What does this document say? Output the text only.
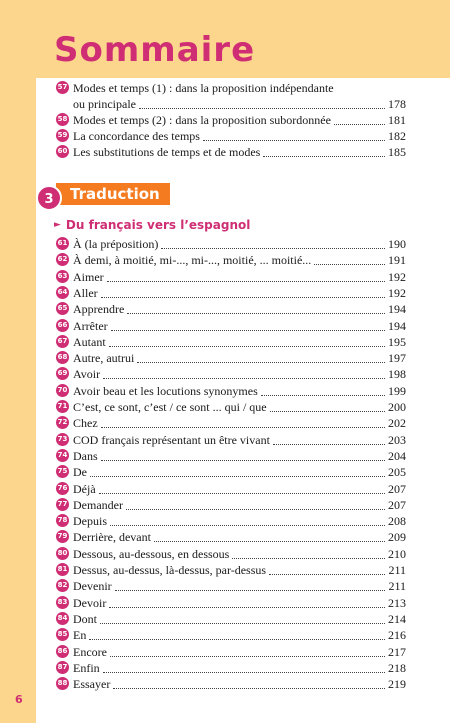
Sommaire
57 Modes et temps (1) : dans la proposition indépendante
ou principale	178
58 Modes et temps (2) : dans la proposition subordonnée	181
59 La concordance des temps	182
60 Les substitutions de temps et de modes	185
3	Traduction
► Du français vers l’espagnol
61 À (la préposition)	190
62 À demi, à moitié, mi-..., mi-..., moitié, ... moitié...	191
63 Aimer	192
64 Aller	192
65 Apprendre	194
66 Arrêter	194
67 Autant	195
68 Autre, autrui	197
69 Avoir	198
70 Avoir beau et les locutions synonymes	199
71 C’est, ce sont, c’est / ce sont ... qui / que	200
72 Chez	202
73 COD français représentant un être vivant	203
74 Dans	204
75 De	205
76 Déjà	207
77 Demander	207
78 Depuis	208
79 Derrière, devant	209
80 Dessous, au-dessous, en dessous	210
81 Dessus, au-dessus, là-dessus, par-dessus	211
82 Devenir	211
83 Devoir	213
84 Dont	214
85 En	216
86 Encore	217
87 Enfin	218
88 Essayer	219
6
